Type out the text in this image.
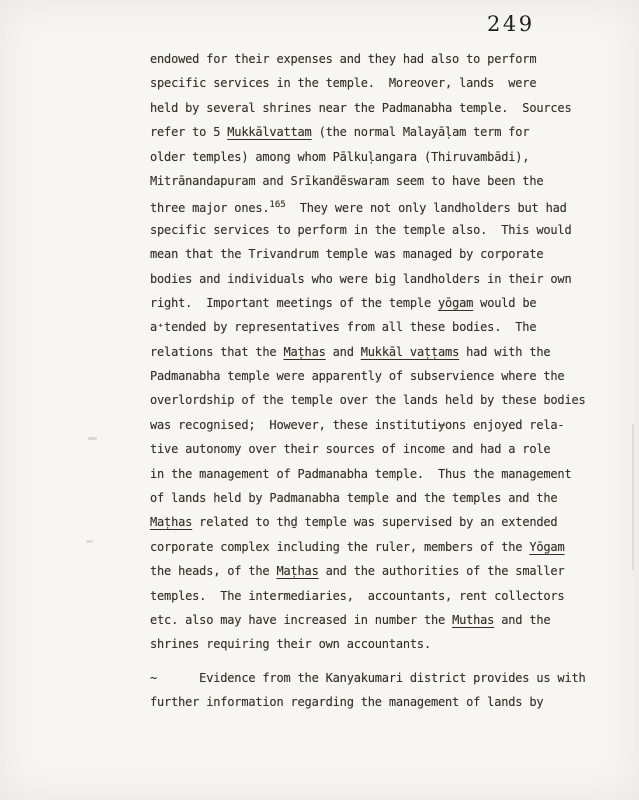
249
endowed for their expenses and they had also to perform
specific services in the temple.  Moreover, lands  were
held by several shrines near the Padmanabha temple.  Sources
refer to 5 Mukkālvattam (the normal Malayāḷam term for
older temples) among whom Pālkuḷangara (Thiruvambādi),
Mitrānandapuram and Srīkanḋēswaram seem to have been the
three major ones.$^{165}$  They were not only landholders but had
specific services to perform in the temple also.  This would
mean that the Trivandrum temple was managed by corporate
bodies and individuals who were big landholders in their own
right.  Important meetings of the temple yōgam would be
a⁺tended by representatives from all these bodies.  The
relations that the Maṭhas and Mukkāl vaṭṭams had with the
Padmanabha temple were apparently of subservience where the
overlordship of the temple over the lands held by these bodies
was recognised;  However, these institutiɏons enjoyed rela-
tive autonomy over their sources of income and had a role
in the management of Padmanabha temple.  Thus the management
of lands held by Padmanabha temple and the temples and the
Maṭhas related to thḏ temple was supervised by an extended
corporate complex including the ruler, members of the Yōgam
the heads, of the Maṭhas and the authorities of the smaller
temples.  The intermediaries,  accountants, rent collectors
etc. also may have increased in number the Muthas and the
shrines requiring their own accountants.
~      Evidence from the Kanyakumari district provides us with
further information regarding the management of lands by
